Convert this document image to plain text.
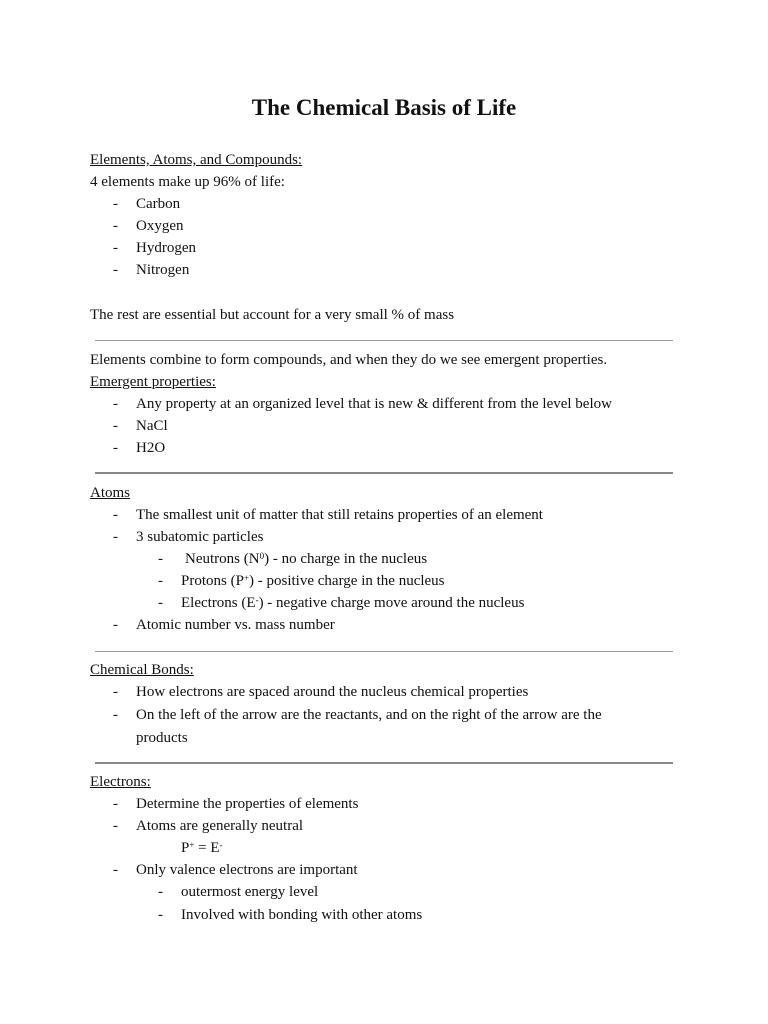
The Chemical Basis of Life
Elements, Atoms, and Compounds:
4 elements make up 96% of life:
- Carbon
- Oxygen
- Hydrogen
- Nitrogen
The rest are essential but account for a very small % of mass
Elements combine to form compounds, and when they do we see emergent properties.
Emergent properties:
- Any property at an organized level that is new & different from the level below
- NaCl
- H2O
Atoms
- The smallest unit of matter that still retains properties of an element
- 3 subatomic particles
- Neutrons $(N^0)$ - no charge in the nucleus
- Protons (P+) - positive charge in the nucleus
- Electrons (E-) - negative charge move around the nucleus
- Atomic number vs. mass number
Chemical Bonds:
- How electrons are spaced around the nucleus chemical properties
- On the left of the arrow are the reactants, and on the right of the arrow are the
products
Electrons:
- Determine the properties of elements
- Atoms are generally neutral
P+ = E-
- Only valence electrons are important
- outermost energy level
- Involved with bonding with other atoms
